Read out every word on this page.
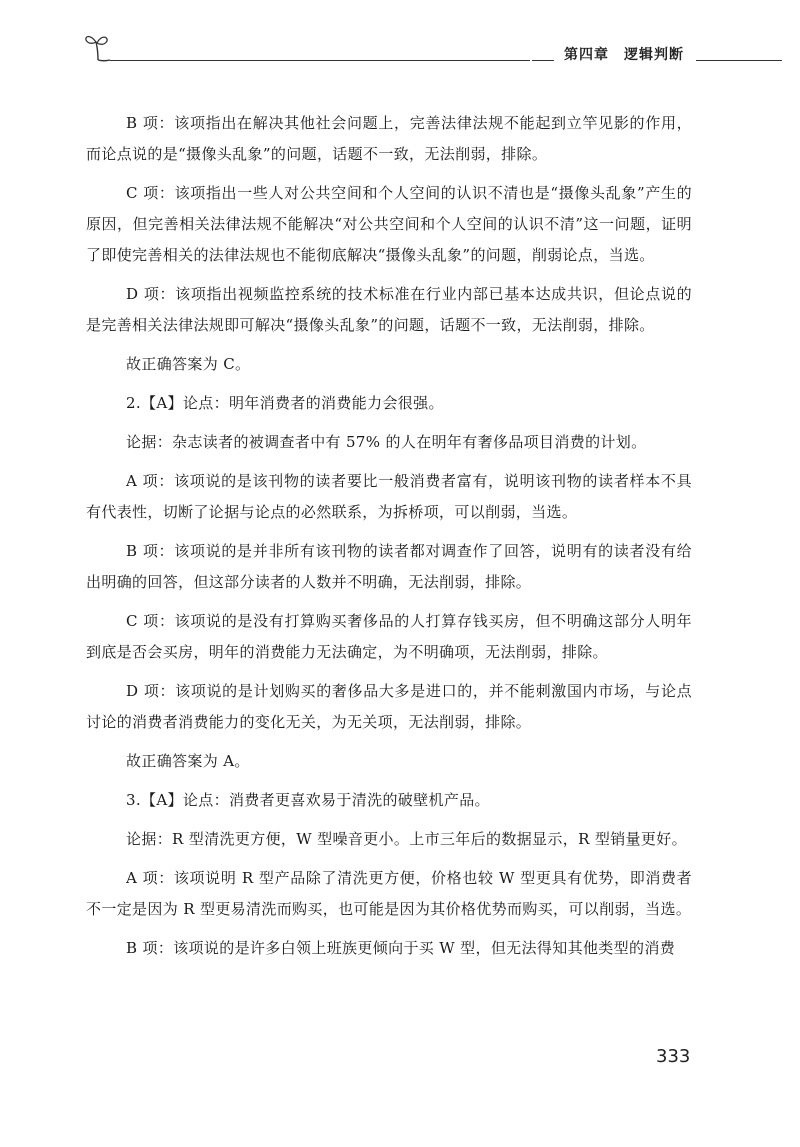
第四章　逻辑判断

B 项：该项指出在解决其他社会问题上，完善法律法规不能起到立竿见影的作用，而论点说的是“摄像头乱象”的问题，话题不一致，无法削弱，排除。

C 项：该项指出一些人对公共空间和个人空间的认识不清也是“摄像头乱象”产生的原因，但完善相关法律法规不能解决“对公共空间和个人空间的认识不清”这一问题，证明了即使完善相关的法律法规也不能彻底解决“摄像头乱象”的问题，削弱论点，当选。

D 项：该项指出视频监控系统的技术标准在行业内部已基本达成共识，但论点说的是完善相关法律法规即可解决“摄像头乱象”的问题，话题不一致，无法削弱，排除。

故正确答案为 C。

2.【A】论点：明年消费者的消费能力会很强。

论据：杂志读者的被调查者中有 57% 的人在明年有奢侈品项目消费的计划。

A 项：该项说的是该刊物的读者要比一般消费者富有，说明该刊物的读者样本不具有代表性，切断了论据与论点的必然联系，为拆桥项，可以削弱，当选。

B 项：该项说的是并非所有该刊物的读者都对调查作了回答，说明有的读者没有给出明确的回答，但这部分读者的人数并不明确，无法削弱，排除。

C 项：该项说的是没有打算购买奢侈品的人打算存钱买房，但不明确这部分人明年到底是否会买房，明年的消费能力无法确定，为不明确项，无法削弱，排除。

D 项：该项说的是计划购买的奢侈品大多是进口的，并不能刺激国内市场，与论点讨论的消费者消费能力的变化无关，为无关项，无法削弱，排除。

故正确答案为 A。

3.【A】论点：消费者更喜欢易于清洗的破壁机产品。

论据：R 型清洗更方便，W 型噪音更小。上市三年后的数据显示，R 型销量更好。

A 项：该项说明 R 型产品除了清洗更方便，价格也较 W 型更具有优势，即消费者不一定是因为 R 型更易清洗而购买，也可能是因为其价格优势而购买，可以削弱，当选。

B 项：该项说的是许多白领上班族更倾向于买 W 型，但无法得知其他类型的消费

333
